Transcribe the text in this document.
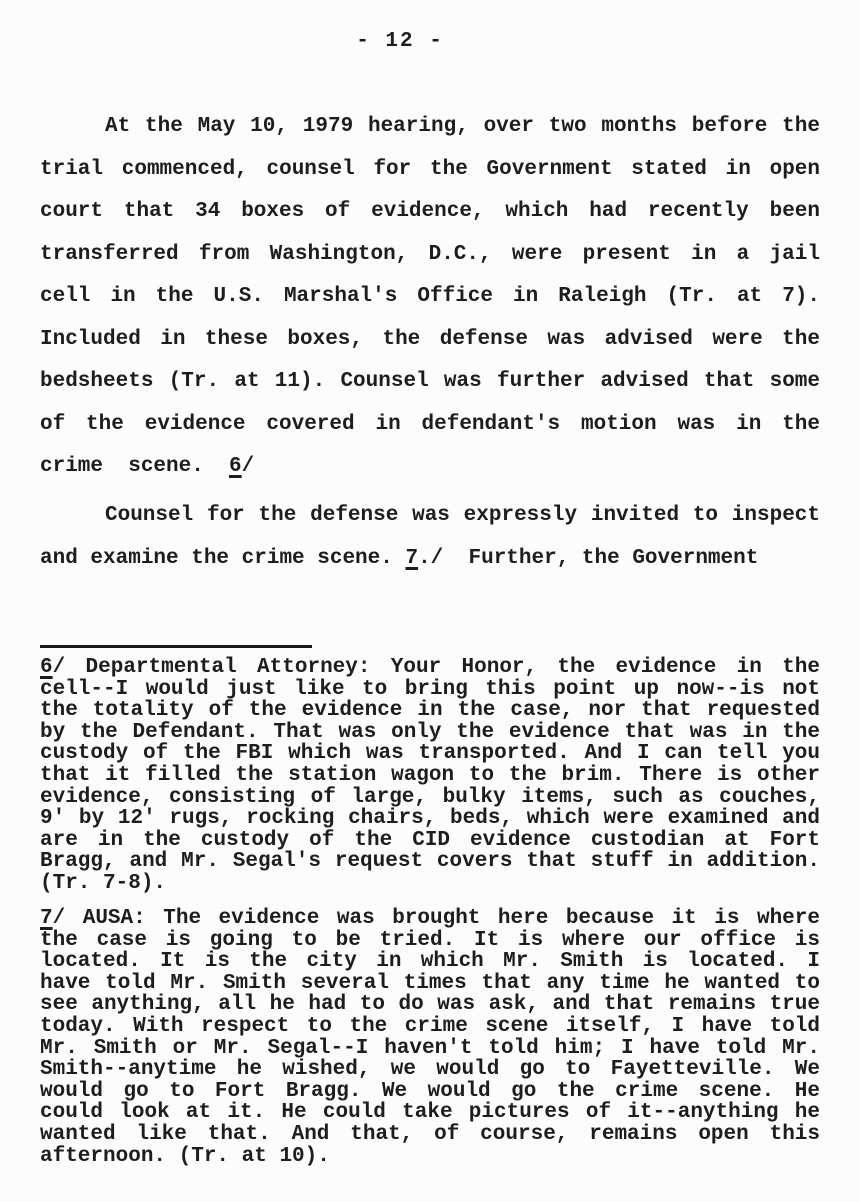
- 12 -
At the May 10, 1979 hearing, over two months before the
trial commenced, counsel for the Government stated in open
court that 34 boxes of evidence, which had recently been
transferred from Washington, D.C., were present in a jail
cell in the U.S. Marshal's Office in Raleigh (Tr. at 7).
Included in these boxes, the defense was advised were the
bedsheets (Tr. at 11). Counsel was further advised that some
of the evidence covered in defendant's motion was in the
crime  scene.  6/
Counsel for the defense was expressly invited to inspect
and examine the crime scene. 7./  Further, the Government
6/ Departmental Attorney: Your Honor, the evidence in the
cell--I would just like to bring this point up now--is not
the totality of the evidence in the case, nor that requested
by the Defendant. That was only the evidence that was in the
custody of the FBI which was transported. And I can tell you
that it filled the station wagon to the brim. There is other
evidence, consisting of large, bulky items, such as couches,
9' by 12' rugs, rocking chairs, beds, which were examined and
are in the custody of the CID evidence custodian at Fort
Bragg, and Mr. Segal's request covers that stuff in addition.
(Tr. 7-8).
7/ AUSA: The evidence was brought here because it is where
the case is going to be tried. It is where our office is
located. It is the city in which Mr. Smith is located. I
have told Mr. Smith several times that any time he wanted to
see anything, all he had to do was ask, and that remains true
today. With respect to the crime scene itself, I have told
Mr. Smith or Mr. Segal--I haven't told him; I have told Mr.
Smith--anytime he wished, we would go to Fayetteville. We
would go to Fort Bragg. We would go the crime scene. He
could look at it. He could take pictures of it--anything he
wanted like that. And that, of course, remains open this
afternoon. (Tr. at 10).
